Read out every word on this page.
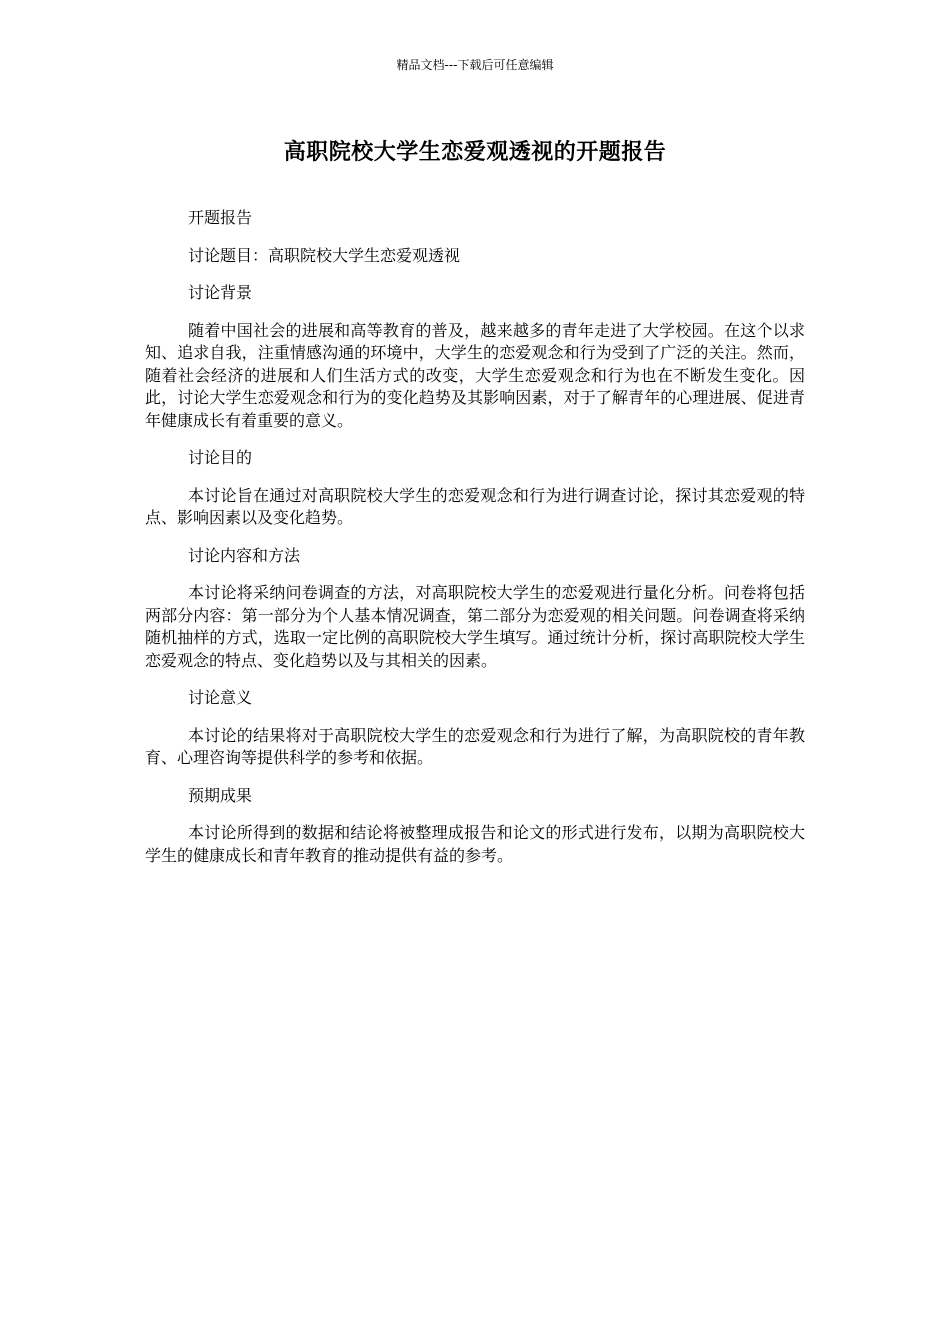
精品文档---下载后可任意编辑
高职院校大学生恋爱观透视的开题报告
开题报告
讨论题目：高职院校大学生恋爱观透视
讨论背景
随着中国社会的进展和高等教育的普及，越来越多的青年走进了大学校园。在这个以求知、追求自我，注重情感沟通的环境中，大学生的恋爱观念和行为受到了广泛的关注。然而，随着社会经济的进展和人们生活方式的改变，大学生恋爱观念和行为也在不断发生变化。因此，讨论大学生恋爱观念和行为的变化趋势及其影响因素，对于了解青年的心理进展、促进青年健康成长有着重要的意义。
讨论目的
本讨论旨在通过对高职院校大学生的恋爱观念和行为进行调查讨论，探讨其恋爱观的特点、影响因素以及变化趋势。
讨论内容和方法
本讨论将采纳问卷调查的方法，对高职院校大学生的恋爱观进行量化分析。问卷将包括两部分内容：第一部分为个人基本情况调查，第二部分为恋爱观的相关问题。问卷调查将采纳随机抽样的方式，选取一定比例的高职院校大学生填写。通过统计分析，探讨高职院校大学生恋爱观念的特点、变化趋势以及与其相关的因素。
讨论意义
本讨论的结果将对于高职院校大学生的恋爱观念和行为进行了解，为高职院校的青年教育、心理咨询等提供科学的参考和依据。
预期成果
本讨论所得到的数据和结论将被整理成报告和论文的形式进行发布，以期为高职院校大学生的健康成长和青年教育的推动提供有益的参考。
